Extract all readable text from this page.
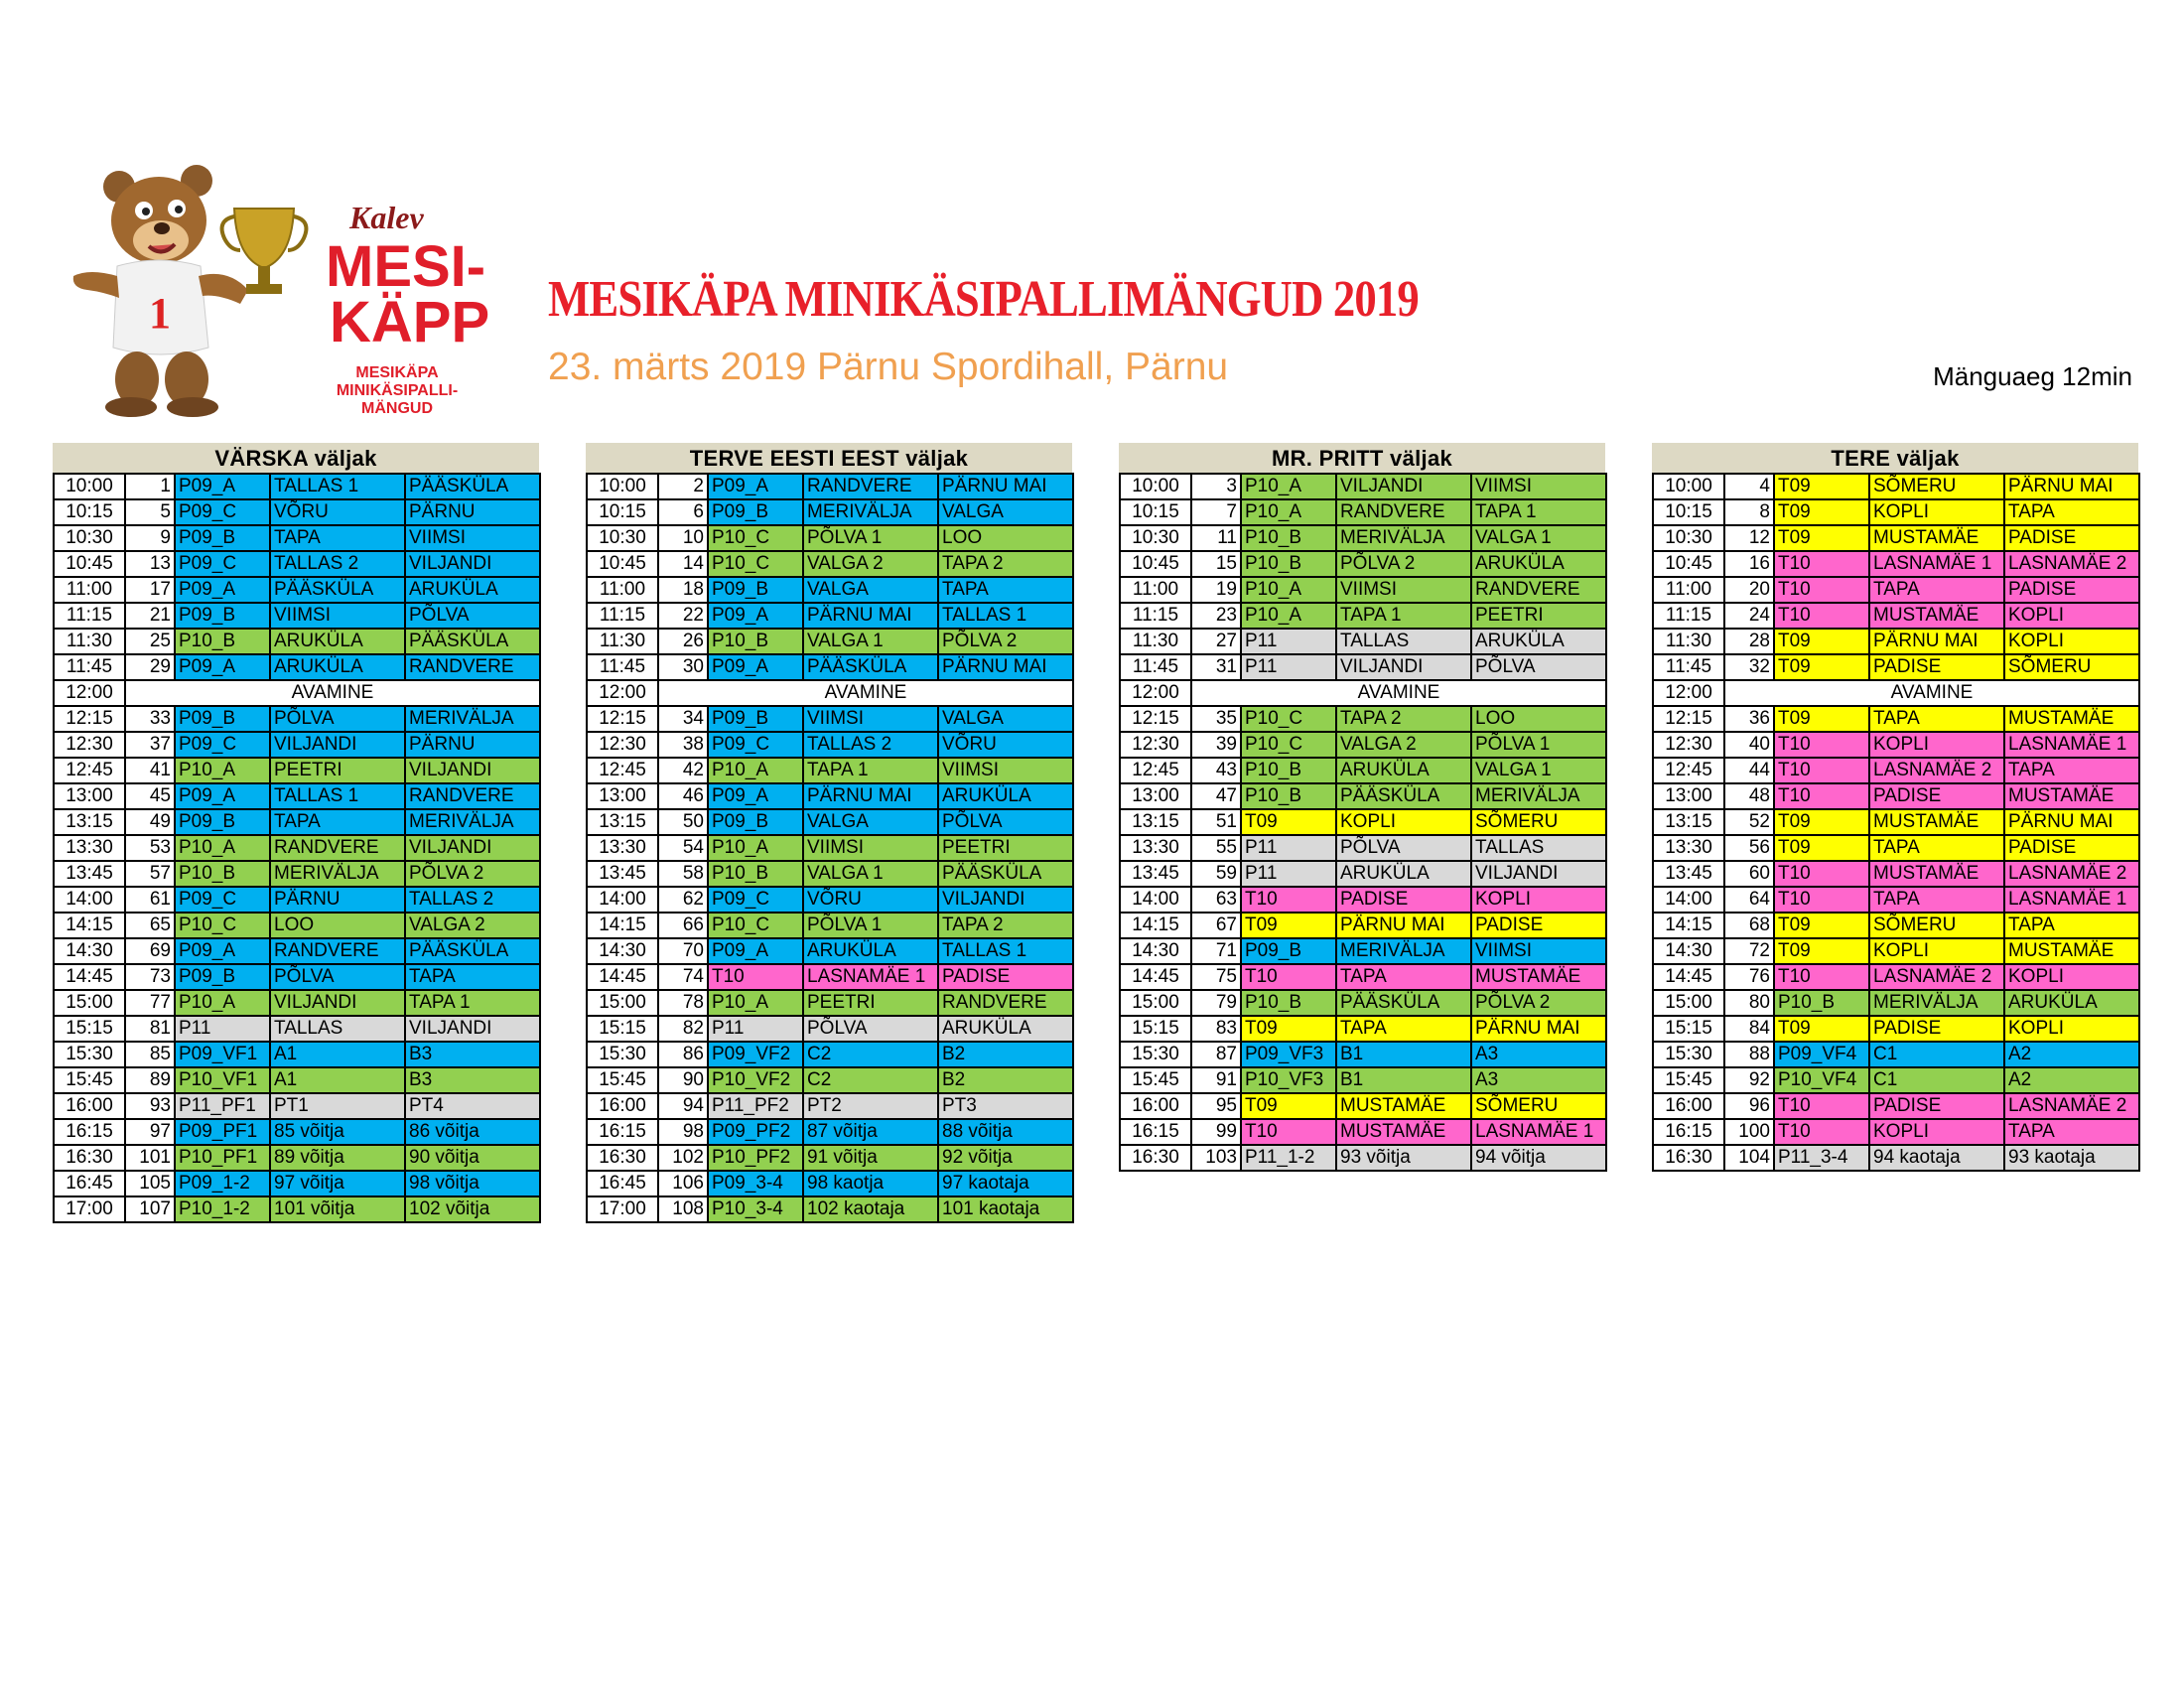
1
Kalev
MESI-
KÄPP
MESIKÄPA
MINIKÄSIPALLI-
MÄNGUD
MESIKÄPA MINIKÄSIPALLIMÄNGUD 2019
23. märts 2019 Pärnu Spordihall, Pärnu	Mänguaeg 12min
VÄRSKA väljak
10:00	1	P09_A	TALLAS 1	PÄÄSKÜLA
10:15	5	P09_C	VÕRU	PÄRNU
10:30	9	P09_B	TAPA	VIIMSI
10:45	13	P09_C	TALLAS 2	VILJANDI
11:00	17	P09_A	PÄÄSKÜLA	ARUKÜLA
11:15	21	P09_B	VIIMSI	PÕLVA
11:30	25	P10_B	ARUKÜLA	PÄÄSKÜLA
11:45	29	P09_A	ARUKÜLA	RANDVERE
12:00	AVAMINE			
12:15	33	P09_B	PÕLVA	MERIVÄLJA
12:30	37	P09_C	VILJANDI	PÄRNU
12:45	41	P10_A	PEETRI	VILJANDI
13:00	45	P09_A	TALLAS 1	RANDVERE
13:15	49	P09_B	TAPA	MERIVÄLJA
13:30	53	P10_A	RANDVERE	VILJANDI
13:45	57	P10_B	MERIVÄLJA	PÕLVA 2
14:00	61	P09_C	PÄRNU	TALLAS 2
14:15	65	P10_C	LOO	VALGA 2
14:30	69	P09_A	RANDVERE	PÄÄSKÜLA
14:45	73	P09_B	PÕLVA	TAPA
15:00	77	P10_A	VILJANDI	TAPA 1
15:15	81	P11	TALLAS	VILJANDI
15:30	85	P09_VF1	A1	B3
15:45	89	P10_VF1	A1	B3
16:00	93	P11_PF1	PT1	PT4
16:15	97	P09_PF1	85 võitja	86 võitja
16:30	101	P10_PF1	89 võitja	90 võitja
16:45	105	P09_1-2	97 võitja	98 võitja
17:00	107	P10_1-2	101 võitja	102 võitja
TERVE EESTI EEST väljak
10:00	2	P09_A	RANDVERE	PÄRNU MAI
10:15	6	P09_B	MERIVÄLJA	VALGA
10:30	10	P10_C	PÕLVA 1	LOO
10:45	14	P10_C	VALGA 2	TAPA 2
11:00	18	P09_B	VALGA	TAPA
11:15	22	P09_A	PÄRNU MAI	TALLAS 1
11:30	26	P10_B	VALGA 1	PÕLVA 2
11:45	30	P09_A	PÄÄSKÜLA	PÄRNU MAI
12:00	AVAMINE			
12:15	34	P09_B	VIIMSI	VALGA
12:30	38	P09_C	TALLAS 2	VÕRU
12:45	42	P10_A	TAPA 1	VIIMSI
13:00	46	P09_A	PÄRNU MAI	ARUKÜLA
13:15	50	P09_B	VALGA	PÕLVA
13:30	54	P10_A	VIIMSI	PEETRI
13:45	58	P10_B	VALGA 1	PÄÄSKÜLA
14:00	62	P09_C	VÕRU	VILJANDI
14:15	66	P10_C	PÕLVA 1	TAPA 2
14:30	70	P09_A	ARUKÜLA	TALLAS 1
14:45	74	T10	LASNAMÄE 1	PADISE
15:00	78	P10_A	PEETRI	RANDVERE
15:15	82	P11	PÕLVA	ARUKÜLA
15:30	86	P09_VF2	C2	B2
15:45	90	P10_VF2	C2	B2
16:00	94	P11_PF2	PT2	PT3
16:15	98	P09_PF2	87 võitja	88 võitja
16:30	102	P10_PF2	91 võitja	92 võitja
16:45	106	P09_3-4	98 kaotja	97 kaotaja
17:00	108	P10_3-4	102 kaotaja	101 kaotaja
MR. PRITT väljak
10:00	3	P10_A	VILJANDI	VIIMSI
10:15	7	P10_A	RANDVERE	TAPA 1
10:30	11	P10_B	MERIVÄLJA	VALGA 1
10:45	15	P10_B	PÕLVA 2	ARUKÜLA
11:00	19	P10_A	VIIMSI	RANDVERE
11:15	23	P10_A	TAPA 1	PEETRI
11:30	27	P11	TALLAS	ARUKÜLA
11:45	31	P11	VILJANDI	PÕLVA
12:00	AVAMINE			
12:15	35	P10_C	TAPA 2	LOO
12:30	39	P10_C	VALGA 2	PÕLVA 1
12:45	43	P10_B	ARUKÜLA	VALGA 1
13:00	47	P10_B	PÄÄSKÜLA	MERIVÄLJA
13:15	51	T09	KOPLI	SÕMERU
13:30	55	P11	PÕLVA	TALLAS
13:45	59	P11	ARUKÜLA	VILJANDI
14:00	63	T10	PADISE	KOPLI
14:15	67	T09	PÄRNU MAI	PADISE
14:30	71	P09_B	MERIVÄLJA	VIIMSI
14:45	75	T10	TAPA	MUSTAMÄE
15:00	79	P10_B	PÄÄSKÜLA	PÕLVA 2
15:15	83	T09	TAPA	PÄRNU MAI
15:30	87	P09_VF3	B1	A3
15:45	91	P10_VF3	B1	A3
16:00	95	T09	MUSTAMÄE	SÕMERU
16:15	99	T10	MUSTAMÄE	LASNAMÄE 1
16:30	103	P11_1-2	93 võitja	94 võitja
TERE väljak
10:00	4	T09	SÕMERU	PÄRNU MAI
10:15	8	T09	KOPLI	TAPA
10:30	12	T09	MUSTAMÄE	PADISE
10:45	16	T10	LASNAMÄE 1	LASNAMÄE 2
11:00	20	T10	TAPA	PADISE
11:15	24	T10	MUSTAMÄE	KOPLI
11:30	28	T09	PÄRNU MAI	KOPLI
11:45	32	T09	PADISE	SÕMERU
12:00	AVAMINE			
12:15	36	T09	TAPA	MUSTAMÄE
12:30	40	T10	KOPLI	LASNAMÄE 1
12:45	44	T10	LASNAMÄE 2	TAPA
13:00	48	T10	PADISE	MUSTAMÄE
13:15	52	T09	MUSTAMÄE	PÄRNU MAI
13:30	56	T09	TAPA	PADISE
13:45	60	T10	MUSTAMÄE	LASNAMÄE 2
14:00	64	T10	TAPA	LASNAMÄE 1
14:15	68	T09	SÕMERU	TAPA
14:30	72	T09	KOPLI	MUSTAMÄE
14:45	76	T10	LASNAMÄE 2	KOPLI
15:00	80	P10_B	MERIVÄLJA	ARUKÜLA
15:15	84	T09	PADISE	KOPLI
15:30	88	P09_VF4	C1	A2
15:45	92	P10_VF4	C1	A2
16:00	96	T10	PADISE	LASNAMÄE 2
16:15	100	T10	KOPLI	TAPA
16:30	104	P11_3-4	94 kaotaja	93 kaotaja
